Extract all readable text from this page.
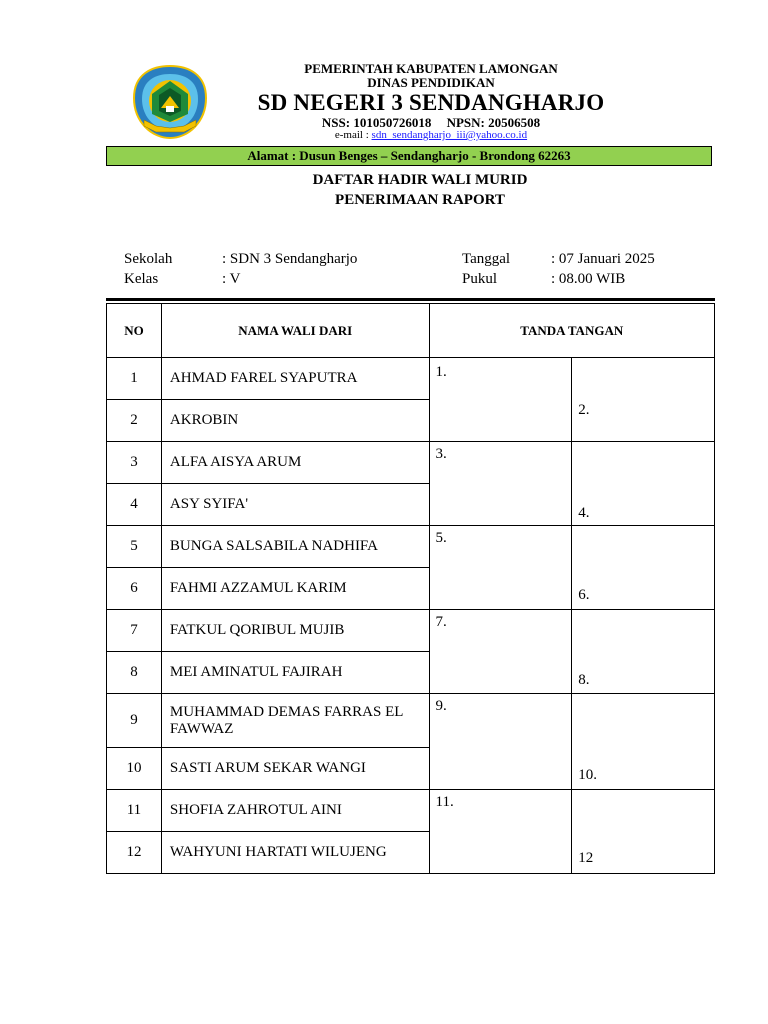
PEMERINTAH KABUPATEN LAMONGAN
DINAS PENDIDIKAN
SD NEGERI 3 SENDANGHARJO
NSS: 101050726018 NPSN: 20506508
e-mail : sdn_sendangharjo_iii@yahoo.co.id
Alamat : Dusun Benges – Sendangharjo - Brondong 62263
DAFTAR HADIR WALI MURID
PENERIMAAN RAPORT
Sekolah	: SDN 3 Sendangharjo
Kelas	: V
Tanggal	: 07 Januari 2025
Pukul	: 08.00 WIB
NO	NAMA WALI DARI	TANDA TANGAN	
1	AHMAD FAREL SYAPUTRA	1.	2.

2	AKROBIN		
3	ALFA AISYA ARUM	3.	4.

4	ASY SYIFA'		
5	BUNGA SALSABILA NADHIFA	5.	6.

6	FAHMI AZZAMUL KARIM		
7	FATKUL QORIBUL MUJIB	7.	8.

8	MEI AMINATUL FAJIRAH		
9	MUHAMMAD DEMAS FARRAS EL FAWWAZ	9.	10.

10	SASTI ARUM SEKAR WANGI		
11	SHOFIA ZAHROTUL AINI	11.	12

12	WAHYUNI HARTATI WILUJENG		
